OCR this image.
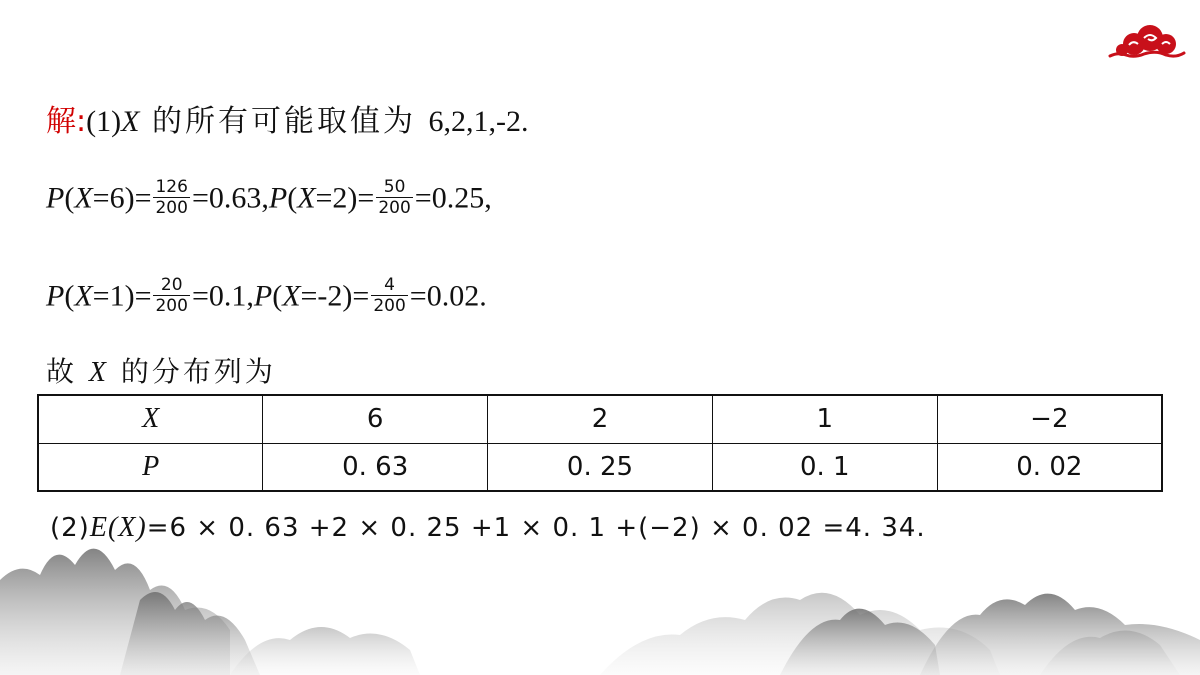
解:(1)X 的所有可能取值为 6,2,1,-2.
$P(X=6)= \frac{126}{200} =0.63,P(X=2)= \frac{50}{200} =0.25$,
$P(X=1)= \frac{20}{200} =0.1,P(X=-2)= \frac{4}{200} =0.02$.
故 X 的分布列为
X	6	2	1	−2
P	0. 63	0. 25	0. 1	0. 02
(2)E(X)=6 × 0. 63 +2 × 0. 25 +1 × 0. 1 +(−2) × 0. 02 =4. 34.
